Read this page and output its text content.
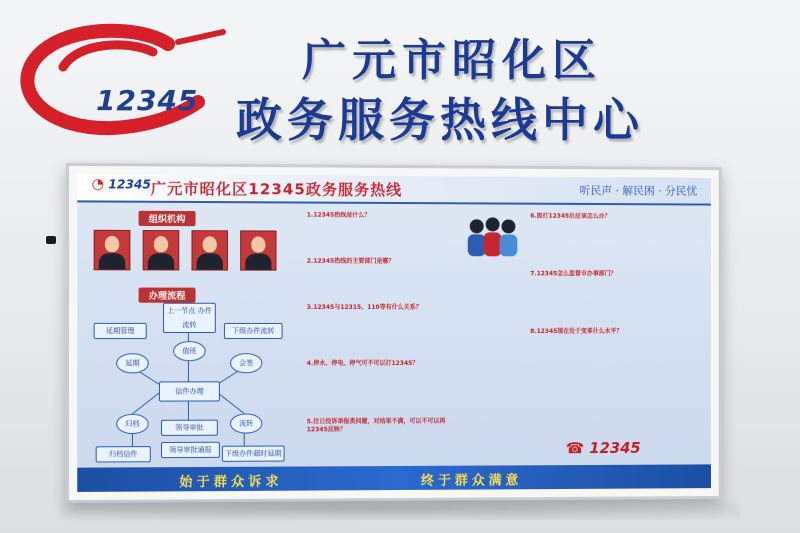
12345
广元市昭化区
政务服务热线中心
◔ 12345 广元市昭化区12345政务服务热线	听民声 · 解民困 · 分民忧
组织机构
办理流程
上一节点 办件流转
值班
延期管理	下级办件流转
延期	会签
信件办理
归档	流转
领导审批
归档信件
领导审批通报	下级办件超时延期
1.12345热线是什么？
2.12345热线的主要部门是哪？
3.12345与12315、110等有什么关系？
4.停水、停电、停气可不可以打12345？
5.往日投诉举报类问题，对结果不满，可以不可以再12345反映？
6.拨打12345后应该怎么办？
7.12345怎么监督市办事部门？
8.12345现在处于变革什么水平？
☎ 12345
始于群众诉求	终于群众满意
